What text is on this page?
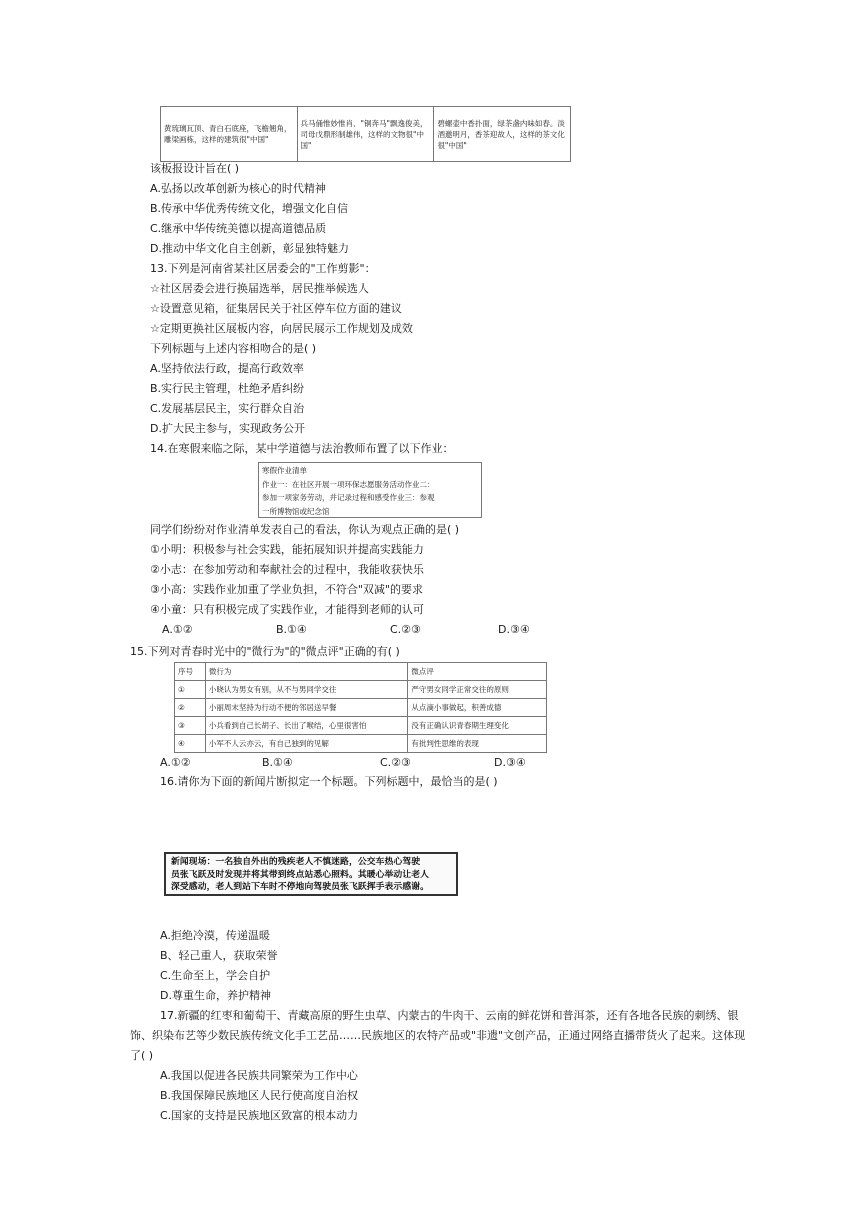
黄琉璃瓦顶、青白石底座，飞檐翘角，雕梁画栋，这样的建筑很"中国"	兵马俑惟妙惟肖、"铜奔马"飘逸俊美，司母戊鼎形制雄伟，这样的文物很"中国"	碧螺壶中香扑面，绿茶盏内味如春。淡酒邀明月，香茶迎故人，这样的茶文化很"中国"
该板报设计旨在( )
A.弘扬以改革创新为核心的时代精神
B.传承中华优秀传统文化，增强文化自信
C.继承中华传统美德以提高道德品质
D.推动中华文化自主创新，彰显独特魅力
13.下列是河南省某社区居委会的"工作剪影"：
☆社区居委会进行换届选举，居民推举候选人
☆设置意见箱，征集居民关于社区停车位方面的建议
☆定期更换社区展板内容，向居民展示工作规划及成效
下列标题与上述内容相吻合的是( )
A.坚持依法行政，提高行政效率
B.实行民主管理，杜绝矛盾纠纷
C.发展基层民主，实行群众自治
D.扩大民主参与，实现政务公开
14.在寒假来临之际，某中学道德与法治教师布置了以下作业：
寒假作业清单
作业一：在社区开展一项环保志愿服务活动作业二：
参加一项家务劳动，并记录过程和感受作业三：参观
一所博物馆或纪念馆
同学们纷纷对作业清单发表自己的看法，你认为观点正确的是( )
①小明：积极参与社会实践，能拓展知识并提高实践能力
②小志：在参加劳动和奉献社会的过程中，我能收获快乐
③小高：实践作业加重了学业负担，不符合"双减"的要求
④小童：只有积极完成了实践作业，才能得到老师的认可
A.①②	B.①④	C.②③	D.③④
15.下列对青春时光中的"微行为"的"微点评"正确的有( )
序号	微行为	微点评
①	小晓认为男女有别，从不与男同学交往	严守男女同学正常交往的原则
②	小丽周末坚持为行动不便的邻居送早餐	从点滴小事做起，积善成德
③	小兵看到自己长胡子、长出了喉结，心里很害怕	没有正确认识青春期生理变化
④	小军不人云亦云，有自己独到的见解	有批判性思维的表现
A.①②	B.①④	C.②③	D.③④
16.请你为下面的新闻片断拟定一个标题。下列标题中，最恰当的是( )
新闻现场：一名独自外出的残疾老人不慎迷路，公交车热心驾驶
员张飞跃及时发现并将其带到终点站悉心照料。其暖心举动让老人
深受感动，老人到站下车时不停地向驾驶员张飞跃挥手表示感谢。
A.拒绝冷漠，传递温暖
B、轻己重人，获取荣誉
C.生命至上，学会自护
D.尊重生命，养护精神
17.新疆的红枣和葡萄干、青藏高原的野生虫草、内蒙古的牛肉干、云南的鲜花饼和普洱茶，还有各地各民族的刺绣、银
饰、织染布艺等少数民族传统文化手工艺品……民族地区的农特产品或"非遗"文创产品，正通过网络直播带货火了起来。这体现
了( )
A.我国以促进各民族共同繁荣为工作中心
B.我国保障民族地区人民行使高度自治权
C.国家的支持是民族地区致富的根本动力
